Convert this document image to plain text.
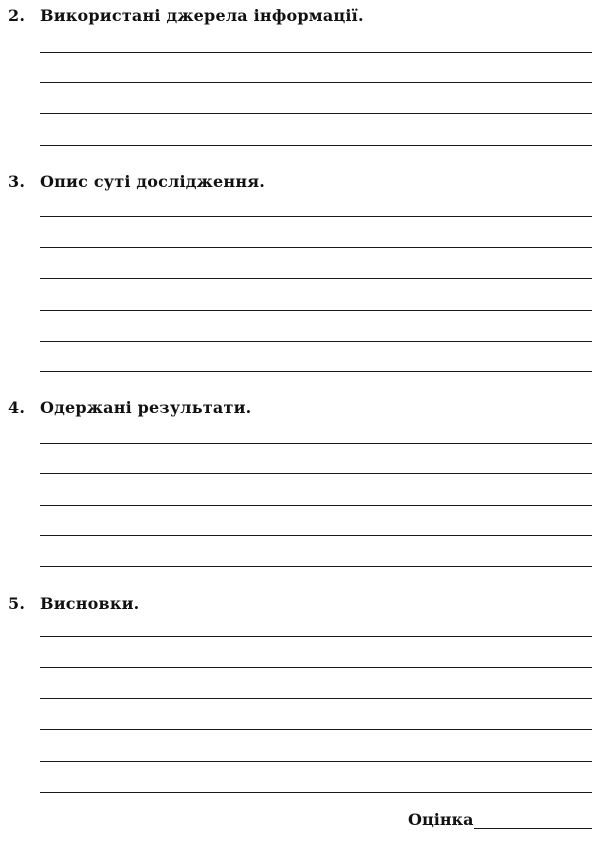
2. Використані джерела інформації.
3. Опис суті дослідження.
4. Одержані результати.
5. Висновки.
Оцінка
